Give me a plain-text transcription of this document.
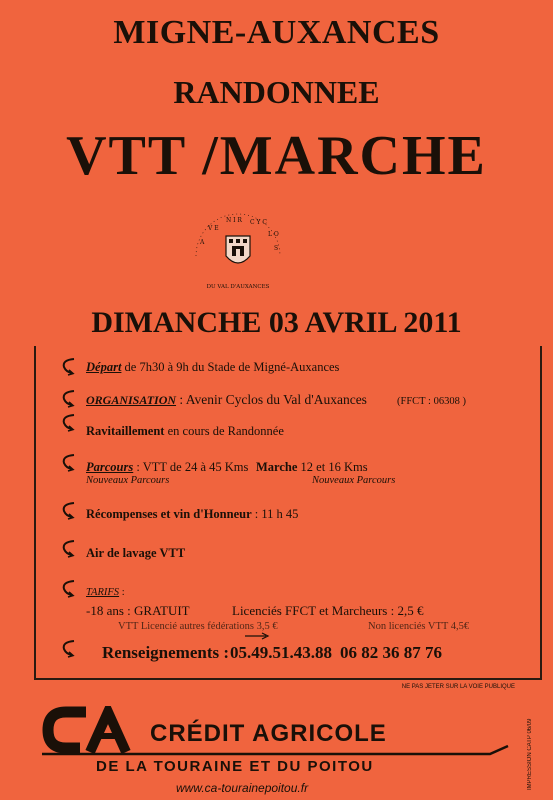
MIGNE-AUXANCES
RANDONNEE
VTT /MARCHE
A
V E
N I R C Y C
L O
S
DU VAL D'AUXANCES
DIMANCHE 03 AVRIL 2011
Départ de 7h30 à 9h du Stade de Migné-Auxances
ORGANISATION : Avenir Cyclos du Val d'Auxances	(FFCT : 06308 )
Ravitaillement en cours de Randonnée
Parcours : VTT de 24 à 45 Kms
Nouveaux Parcours
Marche 12 et 16 Kms
Nouveaux Parcours
Récompenses et vin d'Honneur : 11 h 45
Air de lavage VTT
TARIFS :
-18 ans : GRATUIT	Licenciés FFCT et Marcheurs : 2,5 €
VTT Licencié autres fédérations 3,5 €	Non licenciés VTT 4,5€
Renseignements : 05.49.51.43.88 06 82 36 87 76
NE PAS JETER SUR LA VOIE PUBLIQUE
CRÉDIT AGRICOLE
DE LA TOURAINE ET DU POITOU
www.ca-tourainepoitou.fr	IMPRESSION CATP 06/09
